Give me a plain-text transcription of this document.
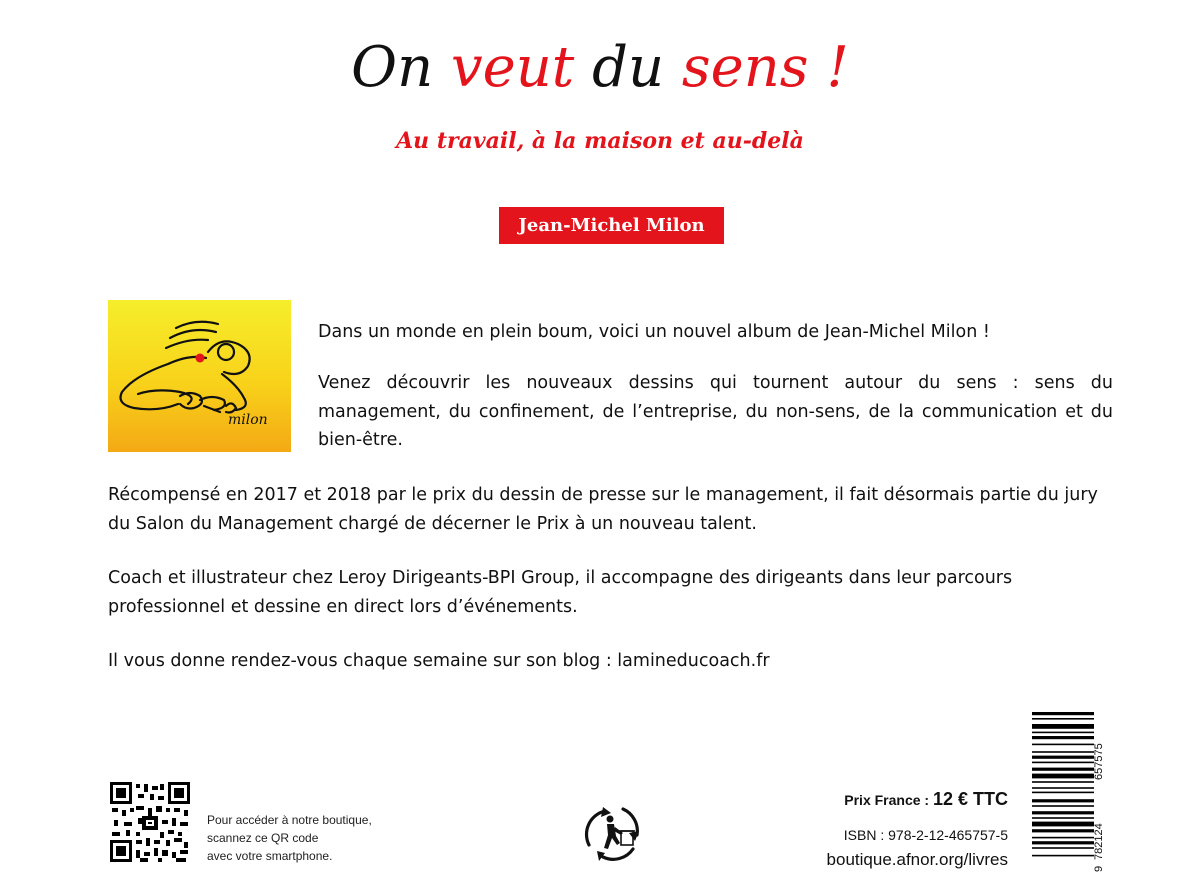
On veut du sens !

Au travail, à la maison et au-delà

Jean-Michel Milon
milon

Dans un monde en plein boum, voici un nouvel album de Jean-Michel Milon !

Venez découvrir les nouveaux dessins qui tournent autour du sens : sens du management, du confinement, de l’entreprise, du non-sens, de la communication et du bien-être.

Récompensé en 2017 et 2018 par le prix du dessin de presse sur le management, il fait désormais partie du jury du Salon du Management chargé de décerner le Prix à un nouveau talent.

Coach et illustrateur chez Leroy Dirigeants-BPI Group, il accompagne des dirigeants dans leur parcours professionnel et dessine en direct lors d’événements.

Il vous donne rendez-vous chaque semaine sur son blog : lamineducoach.fr

Pour accéder à notre boutique,
scannez ce QR code
avec votre smartphone.
Prix France : 12 € TTC
ISBN : 978-2-12-465757-5
boutique.afnor.org/livres	9
782124
657575
